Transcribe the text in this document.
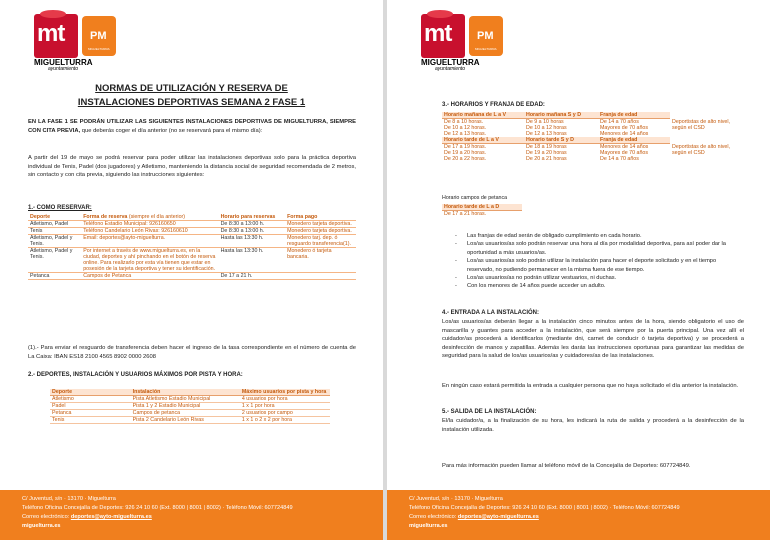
mt
MIGUELTURRA
ayuntamiento
PM
MIGUELTURRA
NORMAS DE UTILIZACIÓN Y RESERVA DE
INSTALACIONES DEPORTIVAS SEMANA 2 FASE 1
EN LA FASE 1 SE PODRÁN UTILIZAR LAS SIGUIENTES INSTALACIONES DEPORTIVAS DE MIGUELTURRA, SIEMPRE CON CITA PREVIA, que deberás coger el día anterior (no se reservará para el mismo día):
A partir del 19 de mayo se podrá reservar para poder utilizar las instalaciones deportivas solo para la práctica deportiva individual de Tenis, Padel (dos jugadores) y Atletismo, manteniendo la distancia social de seguridad recomendada de 2 metros, sin contacto y con cita previa, siguiendo las instrucciones siguientes:
1.- COMO RESERVAR:
Deporte	Forma de reserva (siempre el día anterior)	Horario para reservas	Forma pago
Atletismo, Padel	Teléfono Estadio Municipal: 926160650	De 8:30 a 13:00 h.	Monedero tarjeta deportiva.
Tenis	Teléfono Candelario León Rivas: 926160610	De 8:30 a 13:00 h.	Monedero tarjeta deportiva.
Atletismo, Padel y Tenis.	Email: deportes@ayto-miguelturra.	Hasta las 13:30 h.	Monedero tarj. dep. ó resguardo transferencia(1).
Atletismo, Padel y Tenis.	Por internet a través de www.miguelturra.es, en la ciudad, deportes y ahí pinchando en el botón de reserva online. Para realizarlo por esta vía tienen que estar en posesión de la tarjeta deportiva y tener su identificación.	Hasta las 13:30 h.	Monedero ó tarjeta bancaria.
Petanca	Campos de Petanca	De 17 a 21 h.	
(1).- Para enviar el resguardo de transferencia deben hacer el ingreso de la tasa correspondiente en el número de cuenta de La Caixa: IBAN ES18 2100 4565 8902 0000 2608
2.- DEPORTES, INSTALACIÓN Y USUARIOS MÁXIMOS POR PISTA Y HORA:
Deporte	Instalación	Máximo usuarios por pista y hora
Atletismo	Pista Atletismo Estadio Municipal	4 usuarios por hora
Padel	Pista 1 y 2 Estadio Municipal	1 x 1 por hora
Petanca	Campos de petanca	2 usuarios por campo
Tenis	Pista 2 Candelario León Rivas	1 x 1 o 2 x 2 por hora
C/ Juventud, s/n · 13170 · Miguelturra
Teléfono Oficina Concejalía de Deportes: 926 24 10 60 (Ext. 8000 | 8001 | 8002) · Teléfono Móvil: 607724849
Correo electrónico: deportes@ayto-miguelturra.es
miguelturra.es
mt
MIGUELTURRA
ayuntamiento
PM
MIGUELTURRA
3.- HORARIOS Y FRANJA DE EDAD:
Horario mañana de L a V	Horario mañana S y D	Franja de edad	
De 8 a 10 horas.	De 9 a 10 horas	De 14 a 70 años	Deportistas de alto nivel, según el CSD
De 10 a 12 horas.	De 10 a 12 horas	Mayores de 70 años	
De 12 a 13 horas.	De 12 a 13 horas	Menores de 14 años	
Horario tarde de L a V	Horario tarde S y D	Franja de edad	
De 17 a 19 horas.	De 18 a 19 horas	Menores de 14 años	Deportistas de alto nivel, según el CSD
De 19 a 20 horas.	De 19 a 20 horas	Mayores de 70 años	
De 20 a 22 horas.	De 20 a 21 horas	De 14 a 70 años	
Horario campos de petanca
Horario tarde de L a D
De 17 a 21 horas.
- Las franjas de edad serán de obligado cumplimiento en cada horario.
- Los/as usuarios/as solo podrán reservar una hora al día por modalidad deportiva, para así poder dar la oportunidad a más usuarios/as.
- Los/as usuarios/as solo podrán utilizar la instalación para hacer el deporte solicitado y en el tiempo reservado, no pudiendo permanecer en la misma fuera de ese tiempo.
- Los/as usuarios/as no podrán utilizar vestuarios, ni duchas.
- Con los menores de 14 años puede acceder un adulto.
4.- ENTRADA A LA INSTALACIÓN:
Los/as usuarios/as deberán llegar a la instalación cinco minutos antes de la hora, siendo obligatorio el uso de mascarilla y guantes para acceder a la instalación, que será siempre por la puerta principal. Una vez allí el cuidador/as procederá a identificarlos (mediante dni, carnet de conducir ó tarjeta deportiva) y se procederá a desinfección de manos y zapatillas. Además les darás las instrucciones oportunas para garantizar las medidas de seguridad para la salud de los/as usuarios/as y cuidadores/as de las instalaciones.
En ningún caso estará permitida la entrada a cualquier persona que no haya solicitado el día anterior la instalación.
5.- SALIDA DE LA INSTALACIÓN:
El/la cuidador/a, a la finalización de su hora, les indicará la ruta de salida y procederá a la desinfección de la instalación utilizada.
Para más información pueden llamar al teléfono móvil de la Concejalía de Deportes: 607724849.
C/ Juventud, s/n · 13170 · Miguelturra
Teléfono Oficina Concejalía de Deportes: 926 24 10 60 (Ext. 8000 | 8001 | 8002) · Teléfono Móvil: 607724849
Correo electrónico: deportes@ayto-miguelturra.es
miguelturra.es
